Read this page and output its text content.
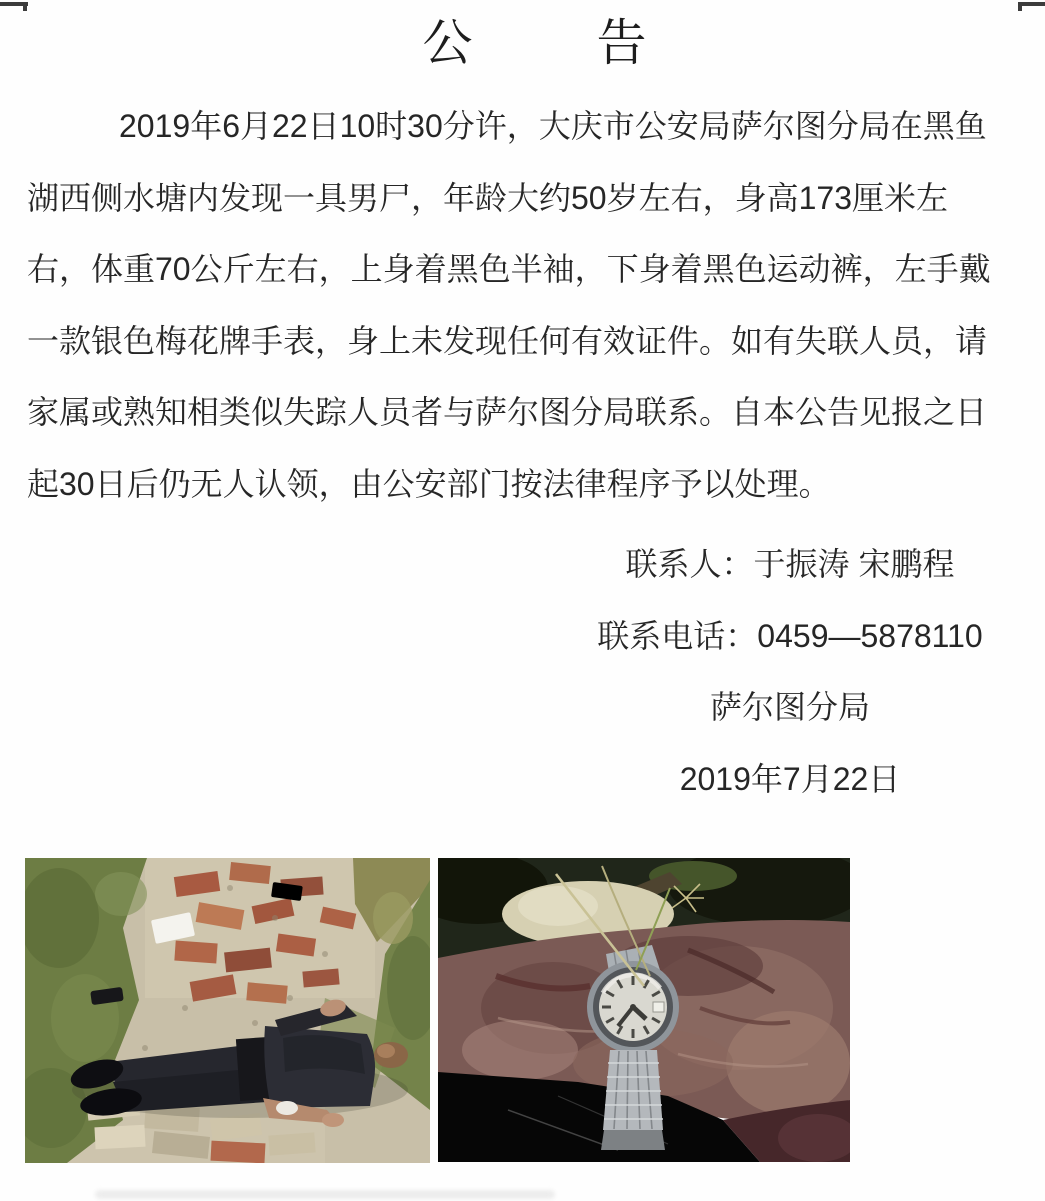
公 告
2019年6月22日10时30分许，大庆市公安局萨尔图分局在黑鱼
湖西侧水塘内发现一具男尸，年龄大约50岁左右，身高173厘米左
右，体重70公斤左右，上身着黑色半袖，下身着黑色运动裤，左手戴
一款银色梅花牌手表，身上未发现任何有效证件。如有失联人员，请
家属或熟知相类似失踪人员者与萨尔图分局联系。自本公告见报之日
起30日后仍无人认领，由公安部门按法律程序予以处理。
联系人：于振涛 宋鹏程
联系电话：0459—5878110
萨尔图分局
2019年7月22日
